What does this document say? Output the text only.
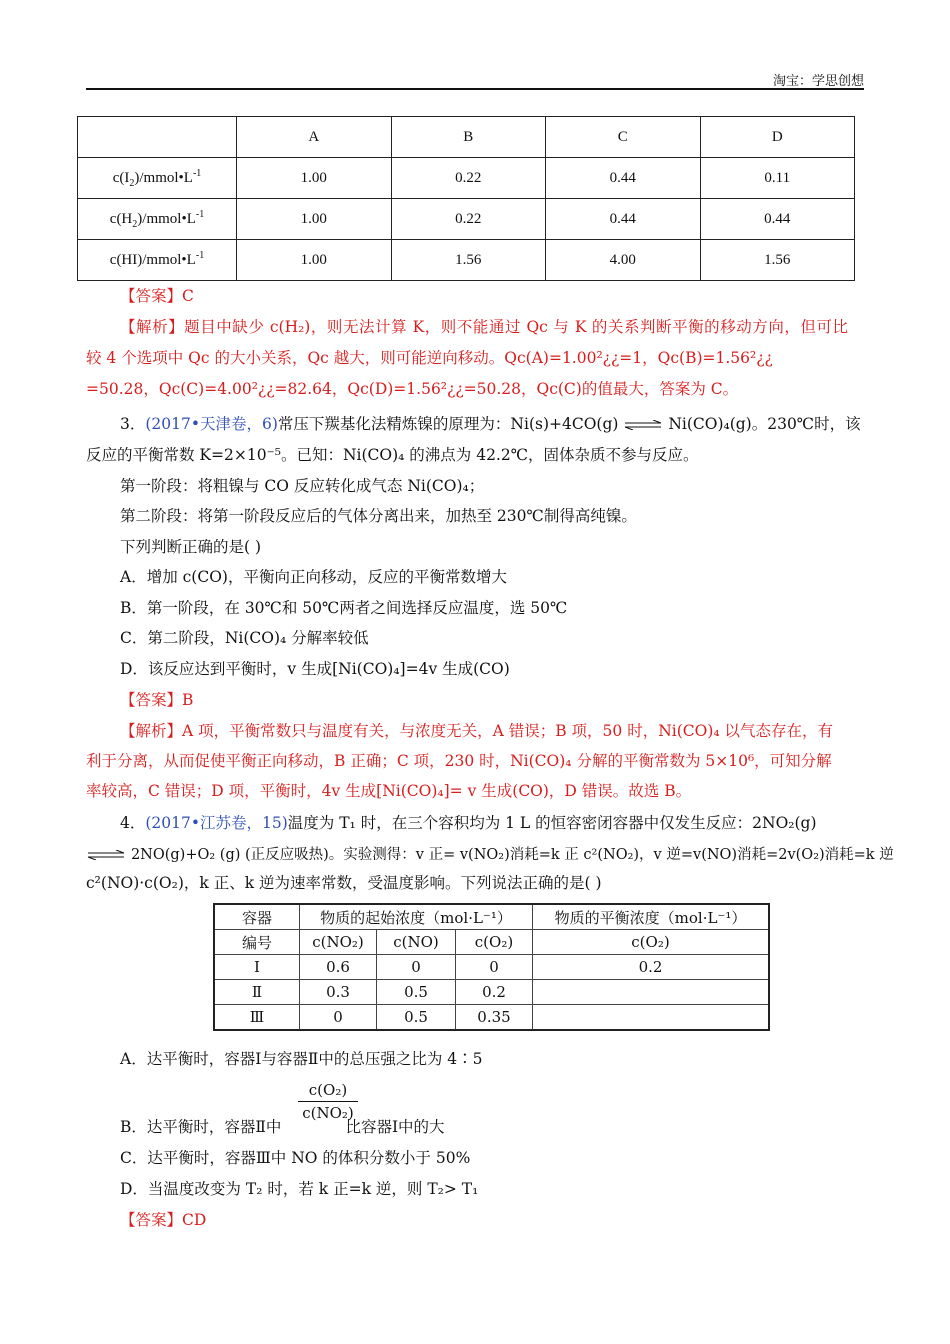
淘宝：学思创想
	A	B	C	D
$c(I_2)/mmol•L^{-1}$	1.00	0.22	0.44	0.11
$c(H_2)/mmol•L^{-1}$	1.00	0.22	0.44	0.44
$c(HI)/mmol•L^{-1}$	1.00	1.56	4.00	1.56
【答案】C
【解析】题目中缺少 c(H₂)，则无法计算 K，则不能通过 Qc 与 K 的关系判断平衡的移动方向，但可比
较 4 个选项中 Qc 的大小关系，Qc 越大，则可能逆向移动。Qc(A)=1.00²¿¿=1，Qc(B)=1.56²¿¿
=50.28，Qc(C)=4.00²¿¿=82.64，Qc(D)=1.56²¿¿=50.28，Qc(C)的值最大，答案为 C。
3．(2017•天津卷，6)常压下羰基化法精炼镍的原理为：Ni(s)+4CO(g) ⇌ Ni(CO)₄(g)。230℃时，该
反应的平衡常数 K=2×10⁻⁵。已知：Ni(CO)₄ 的沸点为 42.2℃，固体杂质不参与反应。
第一阶段：将粗镍与 CO 反应转化成气态 Ni(CO)₄；
第二阶段：将第一阶段反应后的气体分离出来，加热至 230℃制得高纯镍。
下列判断正确的是( )
A．增加 c(CO)，平衡向正向移动，反应的平衡常数增大
B．第一阶段，在 30℃和 50℃两者之间选择反应温度，选 50℃
C．第二阶段，Ni(CO)₄ 分解率较低
D．该反应达到平衡时，v 生成[Ni(CO)₄]=4v 生成(CO)
【答案】B
【解析】A 项，平衡常数只与温度有关，与浓度无关，A 错误；B 项，50 时，Ni(CO)₄ 以气态存在，有
利于分离，从而促使平衡正向移动，B 正确；C 项，230 时，Ni(CO)₄ 分解的平衡常数为 5×10⁶，可知分解
率较高，C 错误；D 项，平衡时，4v 生成[Ni(CO)₄]= v 生成(CO)，D 错误。故选 B。
4．(2017•江苏卷，15)温度为 T₁ 时，在三个容积均为 1 L 的恒容密闭容器中仅发生反应：2NO₂(g)
⇌ 2NO(g)+O₂ (g) (正反应吸热)。实验测得：v 正= v(NO₂)消耗=k 正 c²(NO₂)，v 逆=v(NO)消耗=2v(O₂)消耗=k 逆
c²(NO)·c(O₂)，k 正、k 逆为速率常数，受温度影响。下列说法正确的是( )
容器	物质的起始浓度（mol·L⁻¹）			物质的平衡浓度（mol·L⁻¹）
编号	c(NO₂)	c(NO)	c(O₂)	c(O₂)
Ⅰ	0.6	0	0	0.2
Ⅱ	0.3	0.5	0.2	
Ⅲ	0	0.5	0.35	
A．达平衡时，容器Ⅰ与容器Ⅱ中的总压强之比为 4∶5
$\frac{\text{c(O₂)}}{\text{c(NO₂)}}$
B．达平衡时，容器Ⅱ中	比容器Ⅰ中的大
C．达平衡时，容器Ⅲ中 NO 的体积分数小于 50%
D．当温度改变为 T₂ 时，若 k 正=k 逆，则 T₂> T₁
【答案】CD
